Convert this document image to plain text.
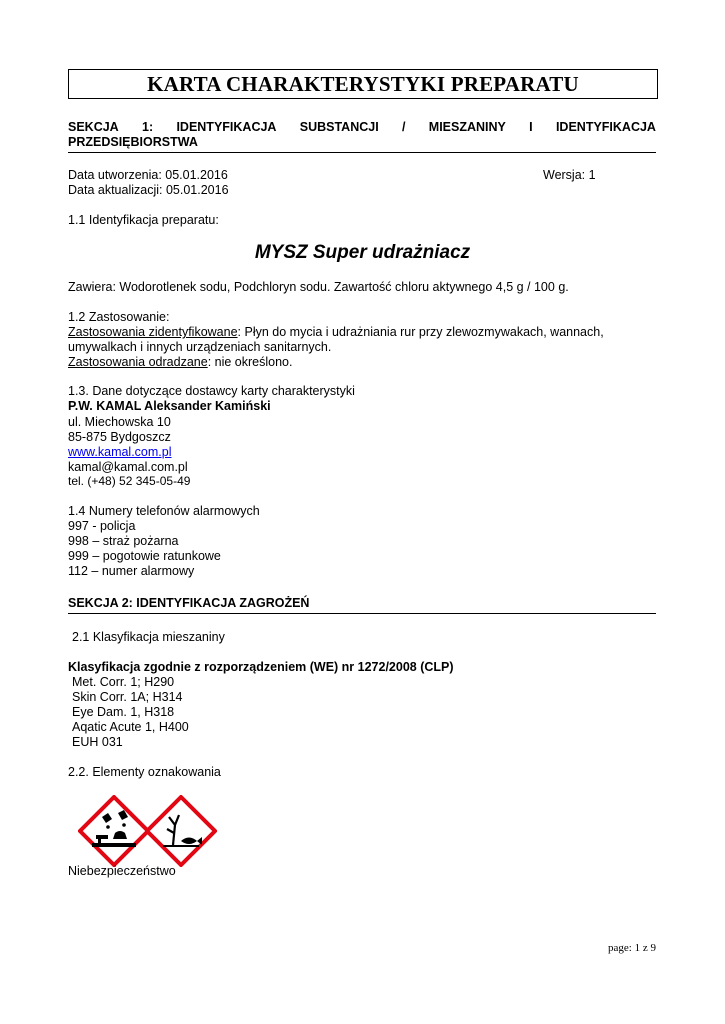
KARTA CHARAKTERYSTYKI PREPARATU
SEKCJA 1: IDENTYFIKACJA SUBSTANCJI / MIESZANINY I IDENTYFIKACJA
PRZEDSIĘBIORSTWA
Data utworzenia: 05.01.2016	Wersja: 1
Data aktualizacji: 05.01.2016
1.1 Identyfikacja preparatu:
MYSZ Super udrażniacz
Zawiera: Wodorotlenek sodu, Podchloryn sodu. Zawartość chloru aktywnego 4,5 g / 100 g.
1.2 Zastosowanie:
Zastosowania zidentyfikowane: Płyn do mycia i udrażniania rur przy zlewozmywakach, wannach,
umywalkach i innych urządzeniach sanitarnych.
Zastosowania odradzane: nie określono.
1.3. Dane dotyczące dostawcy karty charakterystyki
P.W. KAMAL Aleksander Kamiński
ul. Miechowska 10
85-875 Bydgoszcz
www.kamal.com.pl
kamal@kamal.com.pl
tel. (+48) 52 345-05-49
1.4 Numery telefonów alarmowych
997 - policja
998 – straż pożarna
999 – pogotowie ratunkowe
112 – numer alarmowy
SEKCJA 2: IDENTYFIKACJA ZAGROŻEŃ
2.1 Klasyfikacja mieszaniny
Klasyfikacja zgodnie z rozporządzeniem (WE) nr 1272/2008 (CLP)
Met. Corr. 1; H290
Skin Corr. 1A; H314
Eye Dam. 1, H318
Aqatic Acute 1, H400
EUH 031
2.2. Elementy oznakowania
Niebezpieczeństwo
page: 1 z 9
